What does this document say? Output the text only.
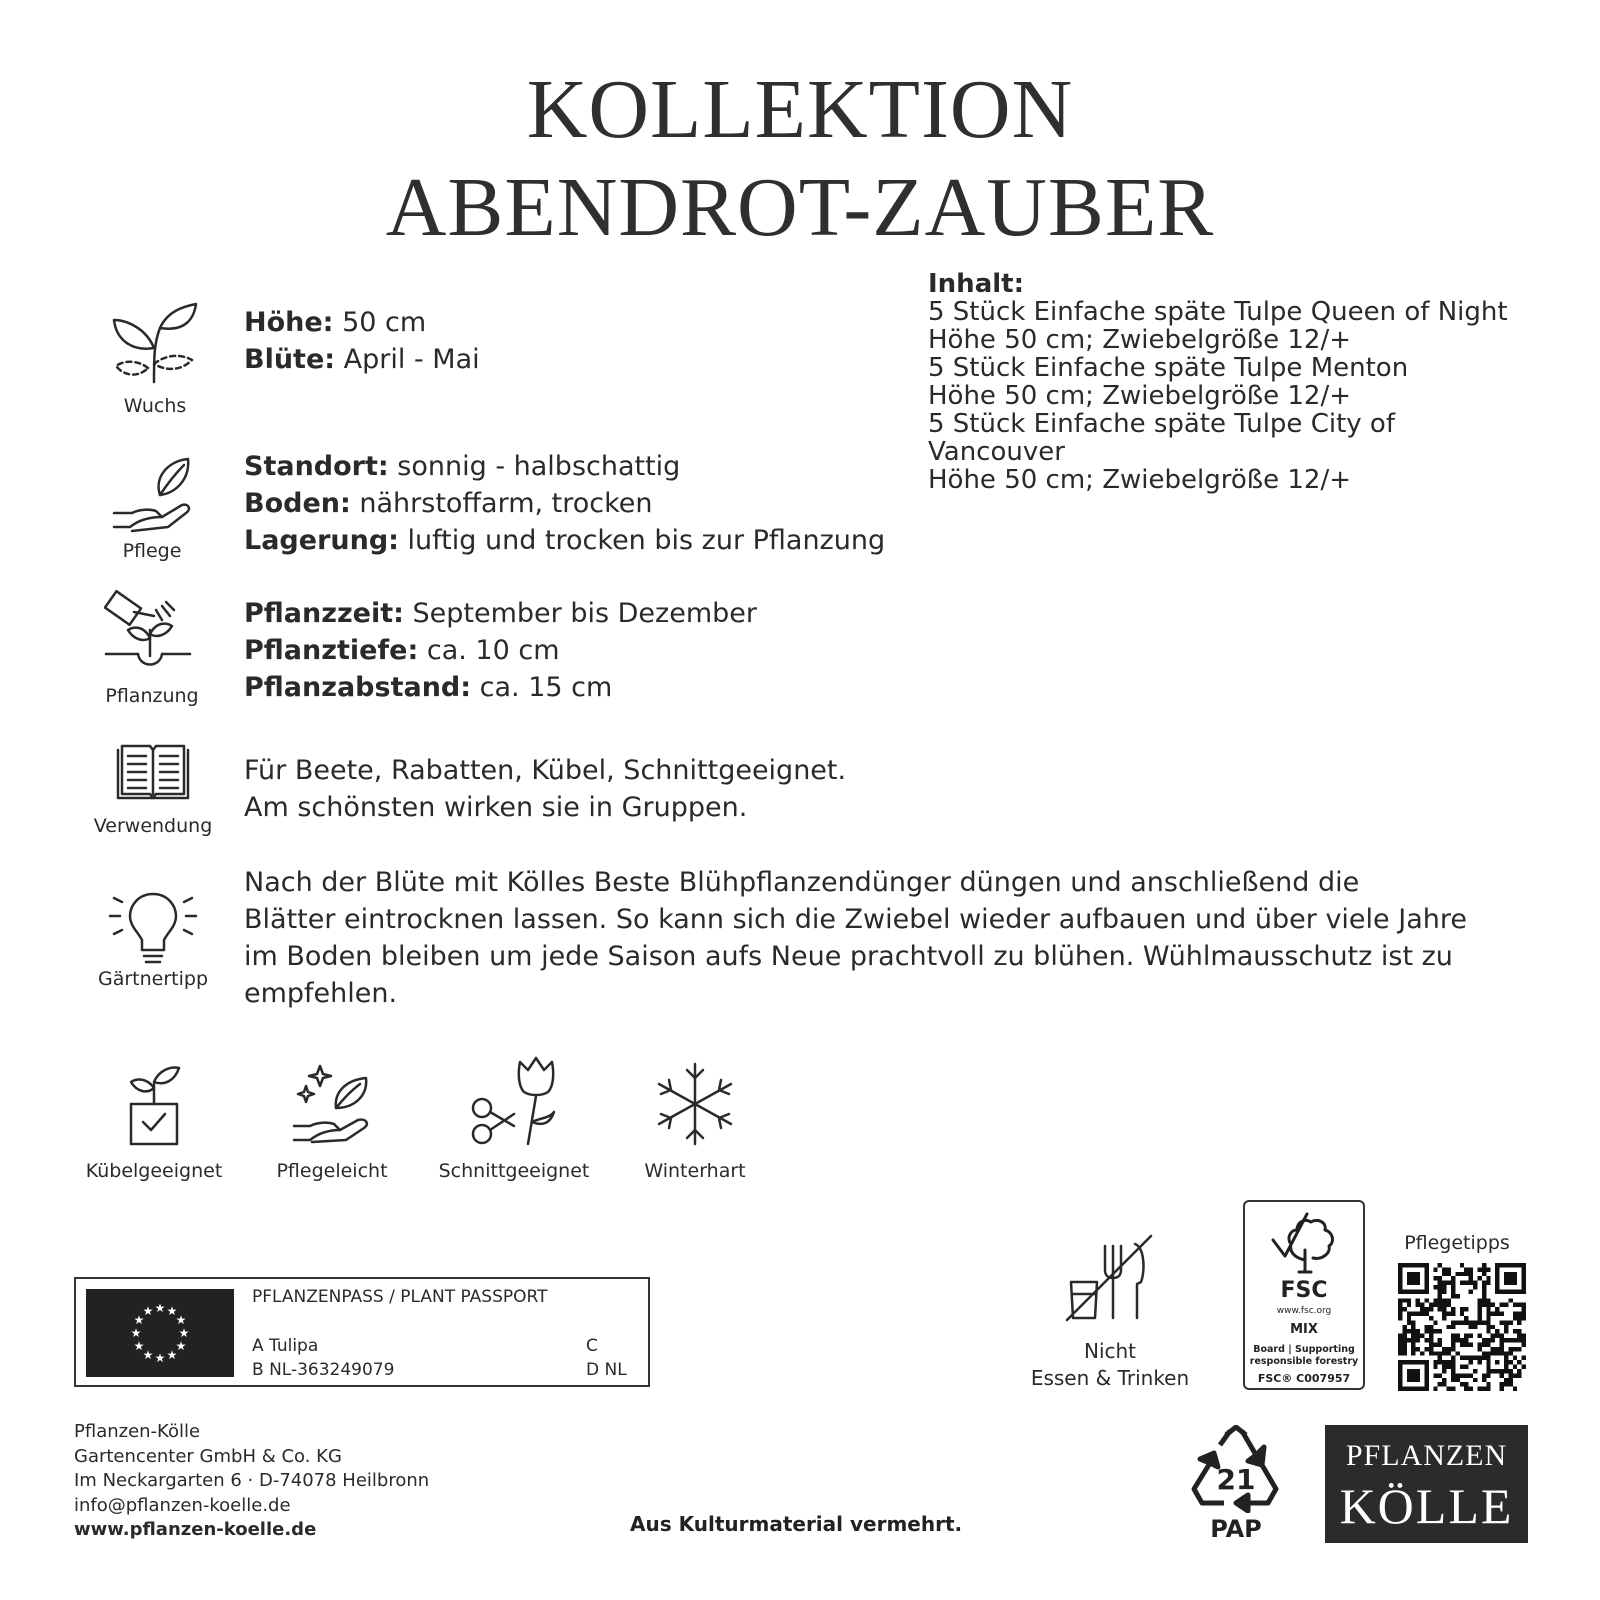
KOLLEKTION
ABENDROT-ZAUBER
Wuchs
Höhe: 50 cm
Blüte: April - Mai
Pflege
Standort: sonnig - halbschattig
Boden: nährstoffarm, trocken
Lagerung: luftig und trocken bis zur Pflanzung
Pflanzung
Pflanzzeit: September bis Dezember
Pflanztiefe: ca. 10 cm
Pflanzabstand: ca. 15 cm
Verwendung
Für Beete, Rabatten, Kübel, Schnittgeeignet.
Am schönsten wirken sie in Gruppen.
Gärtnertipp
Nach der Blüte mit Kölles Beste Blühpflanzendünger düngen und anschließend die
Blätter eintrocknen lassen. So kann sich die Zwiebel wieder aufbauen und über viele Jahre
im Boden bleiben um jede Saison aufs Neue prachtvoll zu blühen. Wühlmausschutz ist zu
empfehlen.
Inhalt:
5 Stück Einfache späte Tulpe Queen of Night
Höhe 50 cm; Zwiebelgröße 12/+
5 Stück Einfache späte Tulpe Menton
Höhe 50 cm; Zwiebelgröße 12/+
5 Stück Einfache späte Tulpe City of
Vancouver
Höhe 50 cm; Zwiebelgröße 12/+
Kübelgeeignet	Pflegeleicht	Schnittgeeignet	Winterhart
★ ★
★
★
★
★
★
★
★
★
★
★
PFLANZENPASS / PLANT PASSPORT
A Tulipa
B NL-363249079
C
D NL
Nicht
Essen & Trinken
FSC
www.fsc.org
MIX
Board | Supporting
responsible forestry
FSC® C007957
Pflegetipps
21
PAP
PFLANZEN
KÖLLE
Pflanzen-Kölle
Gartencenter GmbH & Co. KG
Im Neckargarten 6 · D-74078 Heilbronn
info@pflanzen-koelle.de
www.pflanzen-koelle.de	Aus Kulturmaterial vermehrt.
